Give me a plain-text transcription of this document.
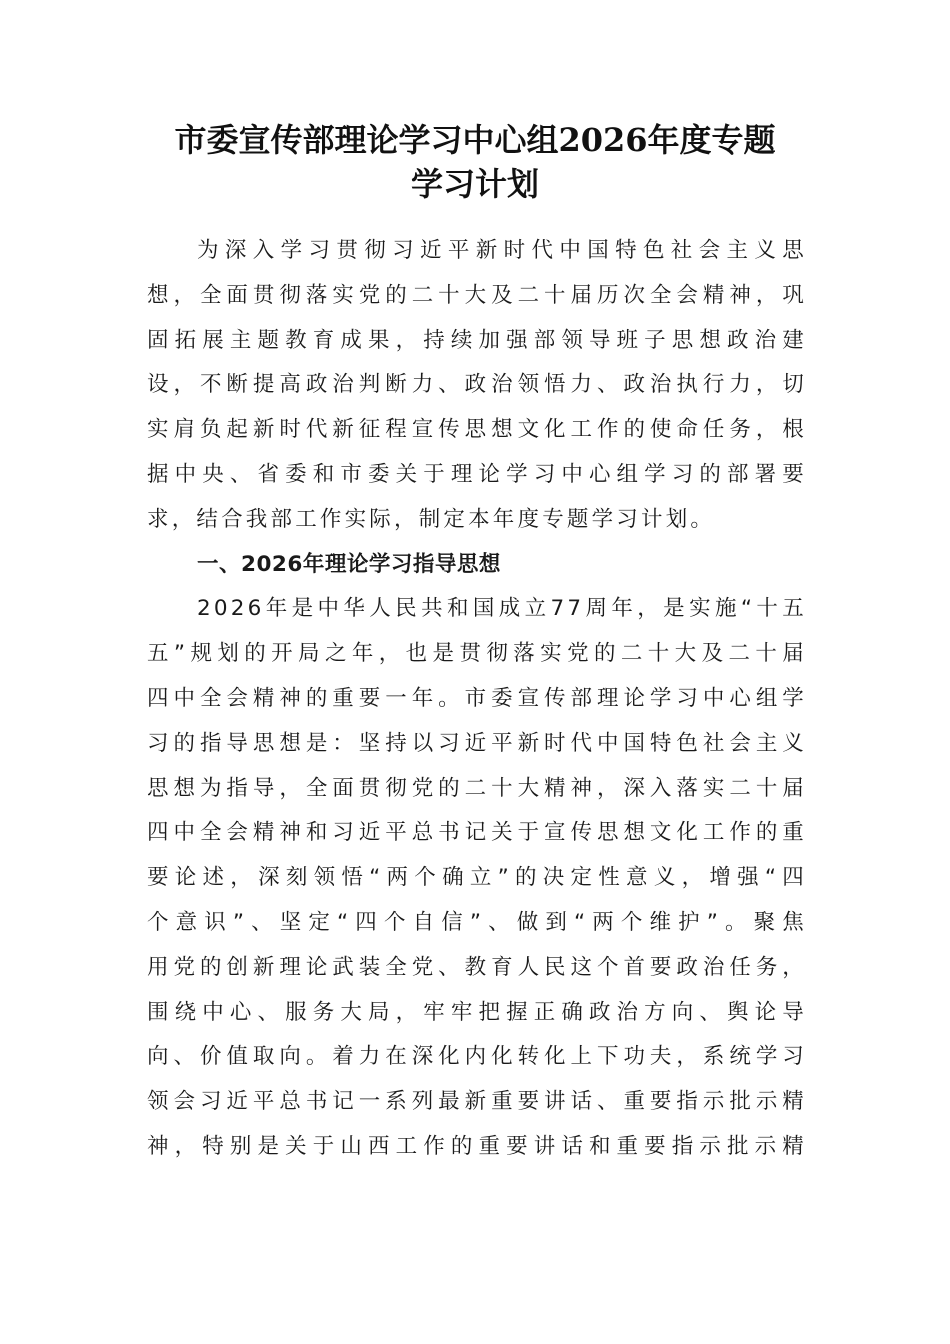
市委宣传部理论学习中心组2026年度专题
学习计划

为深入学习贯彻习近平新时代中国特色社会主义思
想，全面贯彻落实党的二十大及二十届历次全会精神，巩
固拓展主题教育成果，持续加强部领导班子思想政治建
设，不断提高政治判断力、政治领悟力、政治执行力，切
实肩负起新时代新征程宣传思想文化工作的使命任务，根
据中央、省委和市委关于理论学习中心组学习的部署要
求，结合我部工作实际，制定本年度专题学习计划。

一、2026年理论学习指导思想

2026年是中华人民共和国成立77周年，是实施“十五
五”规划的开局之年，也是贯彻落实党的二十大及二十届
四中全会精神的重要一年。市委宣传部理论学习中心组学
习的指导思想是：坚持以习近平新时代中国特色社会主义
思想为指导，全面贯彻党的二十大精神，深入落实二十届
四中全会精神和习近平总书记关于宣传思想文化工作的重
要论述，深刻领悟“两个确立”的决定性意义，增强“四
个意识”、坚定“四个自信”、做到“两个维护”。聚焦
用党的创新理论武装全党、教育人民这个首要政治任务，
围绕中心、服务大局，牢牢把握正确政治方向、舆论导
向、价值取向。着力在深化内化转化上下功夫，系统学习
领会习近平总书记一系列最新重要讲话、重要指示批示精
神，特别是关于山西工作的重要讲话和重要指示批示精
